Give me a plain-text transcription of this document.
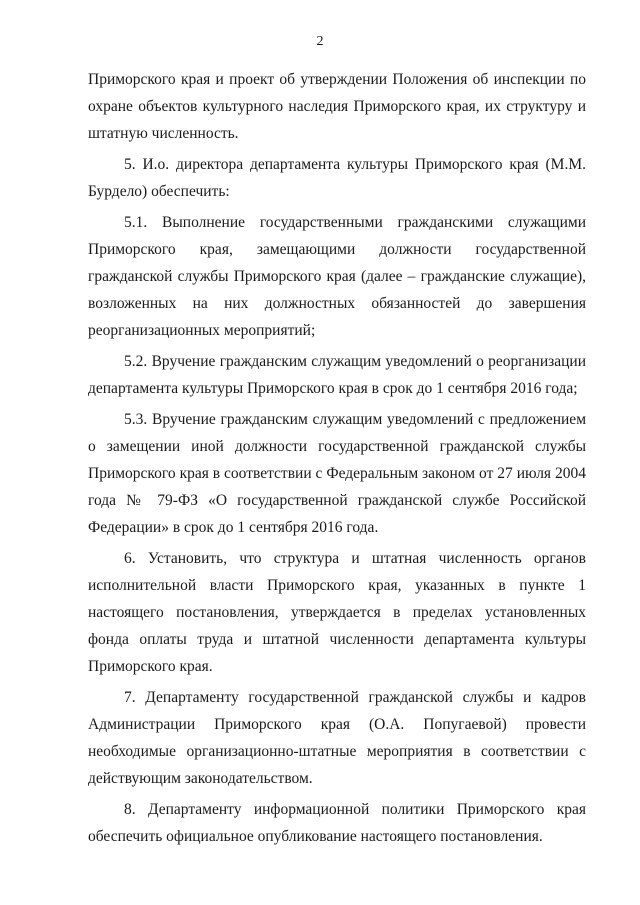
2

Приморского края и проект об утверждении Положения об инспекции по охране объектов культурного наследия Приморского края, их структуру и штатную численность.

5. И.о. директора департамента культуры Приморского края (М.М. Бурдело) обеспечить:

5.1. Выполнение государственными гражданскими служащими Приморского края, замещающими должности государственной гражданской службы Приморского края (далее – гражданские служащие), возложенных на них должностных обязанностей до завершения реорганизационных мероприятий;

5.2. Вручение гражданским служащим уведомлений о реорганизации департамента культуры Приморского края в срок до 1 сентября 2016 года;

5.3. Вручение гражданским служащим уведомлений с предложением о замещении иной должности государственной гражданской службы Приморского края в соответствии с Федеральным законом от 27 июля 2004 года № 79-ФЗ «О государственной гражданской службе Российской Федерации» в срок до 1 сентября 2016 года.

6. Установить, что структура и штатная численность органов исполнительной власти Приморского края, указанных в пункте 1 настоящего постановления, утверждается в пределах установленных фонда оплаты труда и штатной численности департамента культуры Приморского края.

7. Департаменту государственной гражданской службы и кадров Администрации Приморского края (О.А. Попугаевой) провести необходимые организационно-штатные мероприятия в соответствии с действующим законодательством.

8. Департаменту информационной политики Приморского края обеспечить официальное опубликование настоящего постановления.
